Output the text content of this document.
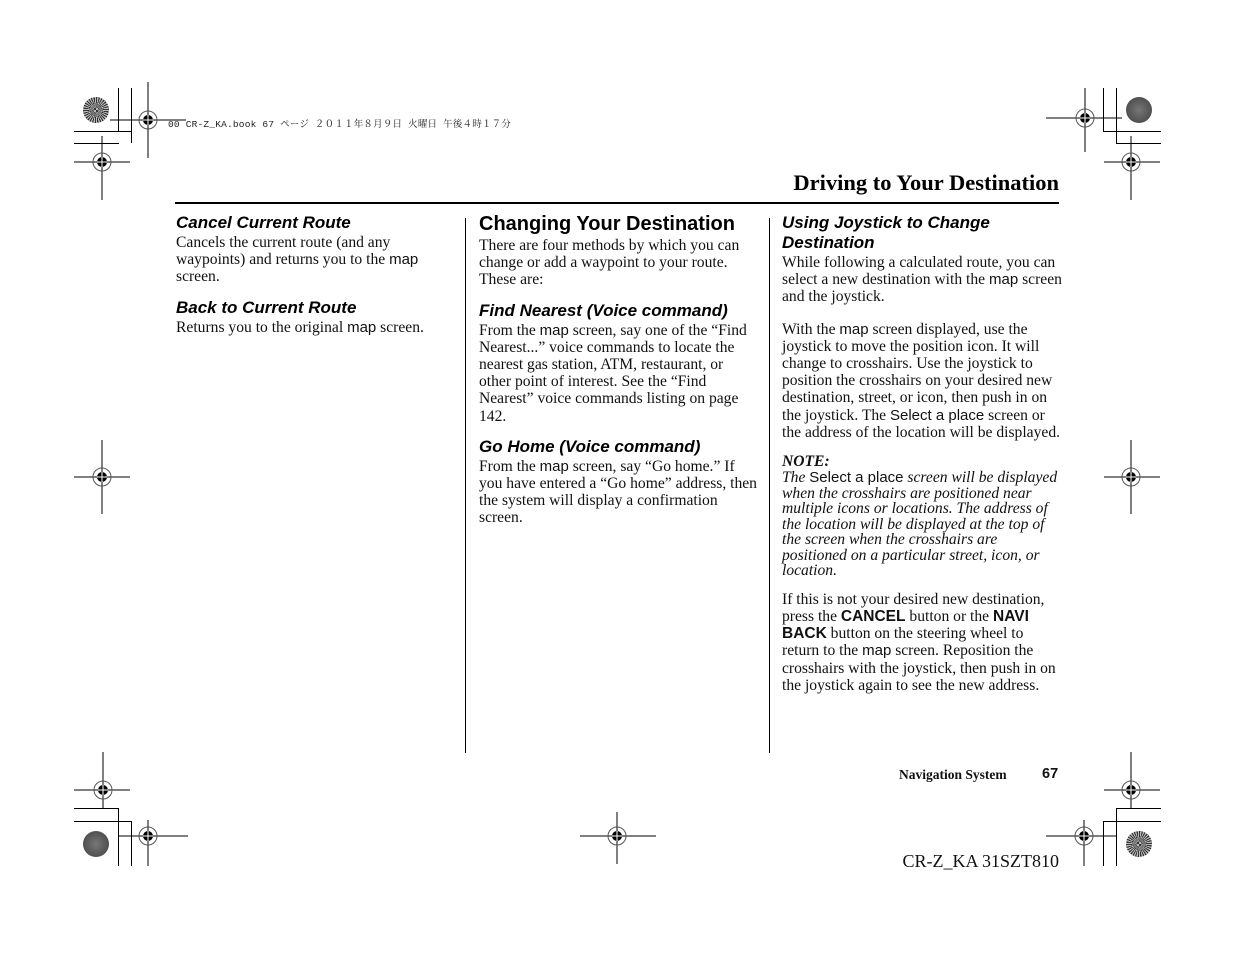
00 CR-Z_KA.book 67 ページ ２０１１年８月９日 火曜日 午後４時１７分
Driving to Your Destination
Cancel Current Route

Cancels the current route (and any waypoints) and returns you to the map screen.

Back to Current Route

Returns you to the original map screen.

Changing Your Destination

There are four methods by which you can change or add a waypoint to your route. These are:

Find Nearest (Voice command)

From the map screen, say one of the “Find Nearest...” voice commands to locate the nearest gas station, ATM, restaurant, or other point of interest. See the “Find Nearest” voice commands listing on page 142.

Go Home (Voice command)

From the map screen, say “Go home.” If you have entered a “Go home” address, then the system will display a confirmation screen.

Using Joystick to Change Destination

While following a calculated route, you can select a new destination with the map screen and the joystick.

With the map screen displayed, use the joystick to move the position icon. It will change to crosshairs. Use the joystick to position the crosshairs on your desired new destination, street, or icon, then push in on the joystick. The Select a place screen or the address of the location will be displayed.

NOTE:

The Select a place screen will be displayed when the crosshairs are positioned near multiple icons or locations. The address of the location will be displayed at the top of the screen when the crosshairs are positioned on a particular street, icon, or location.

If this is not your desired new destination, press the CANCEL button or the NAVI BACK button on the steering wheel to return to the map screen. Reposition the crosshairs with the joystick, then push in on the joystick again to see the new address.

Navigation System 67
CR-Z_KA 31SZT810
